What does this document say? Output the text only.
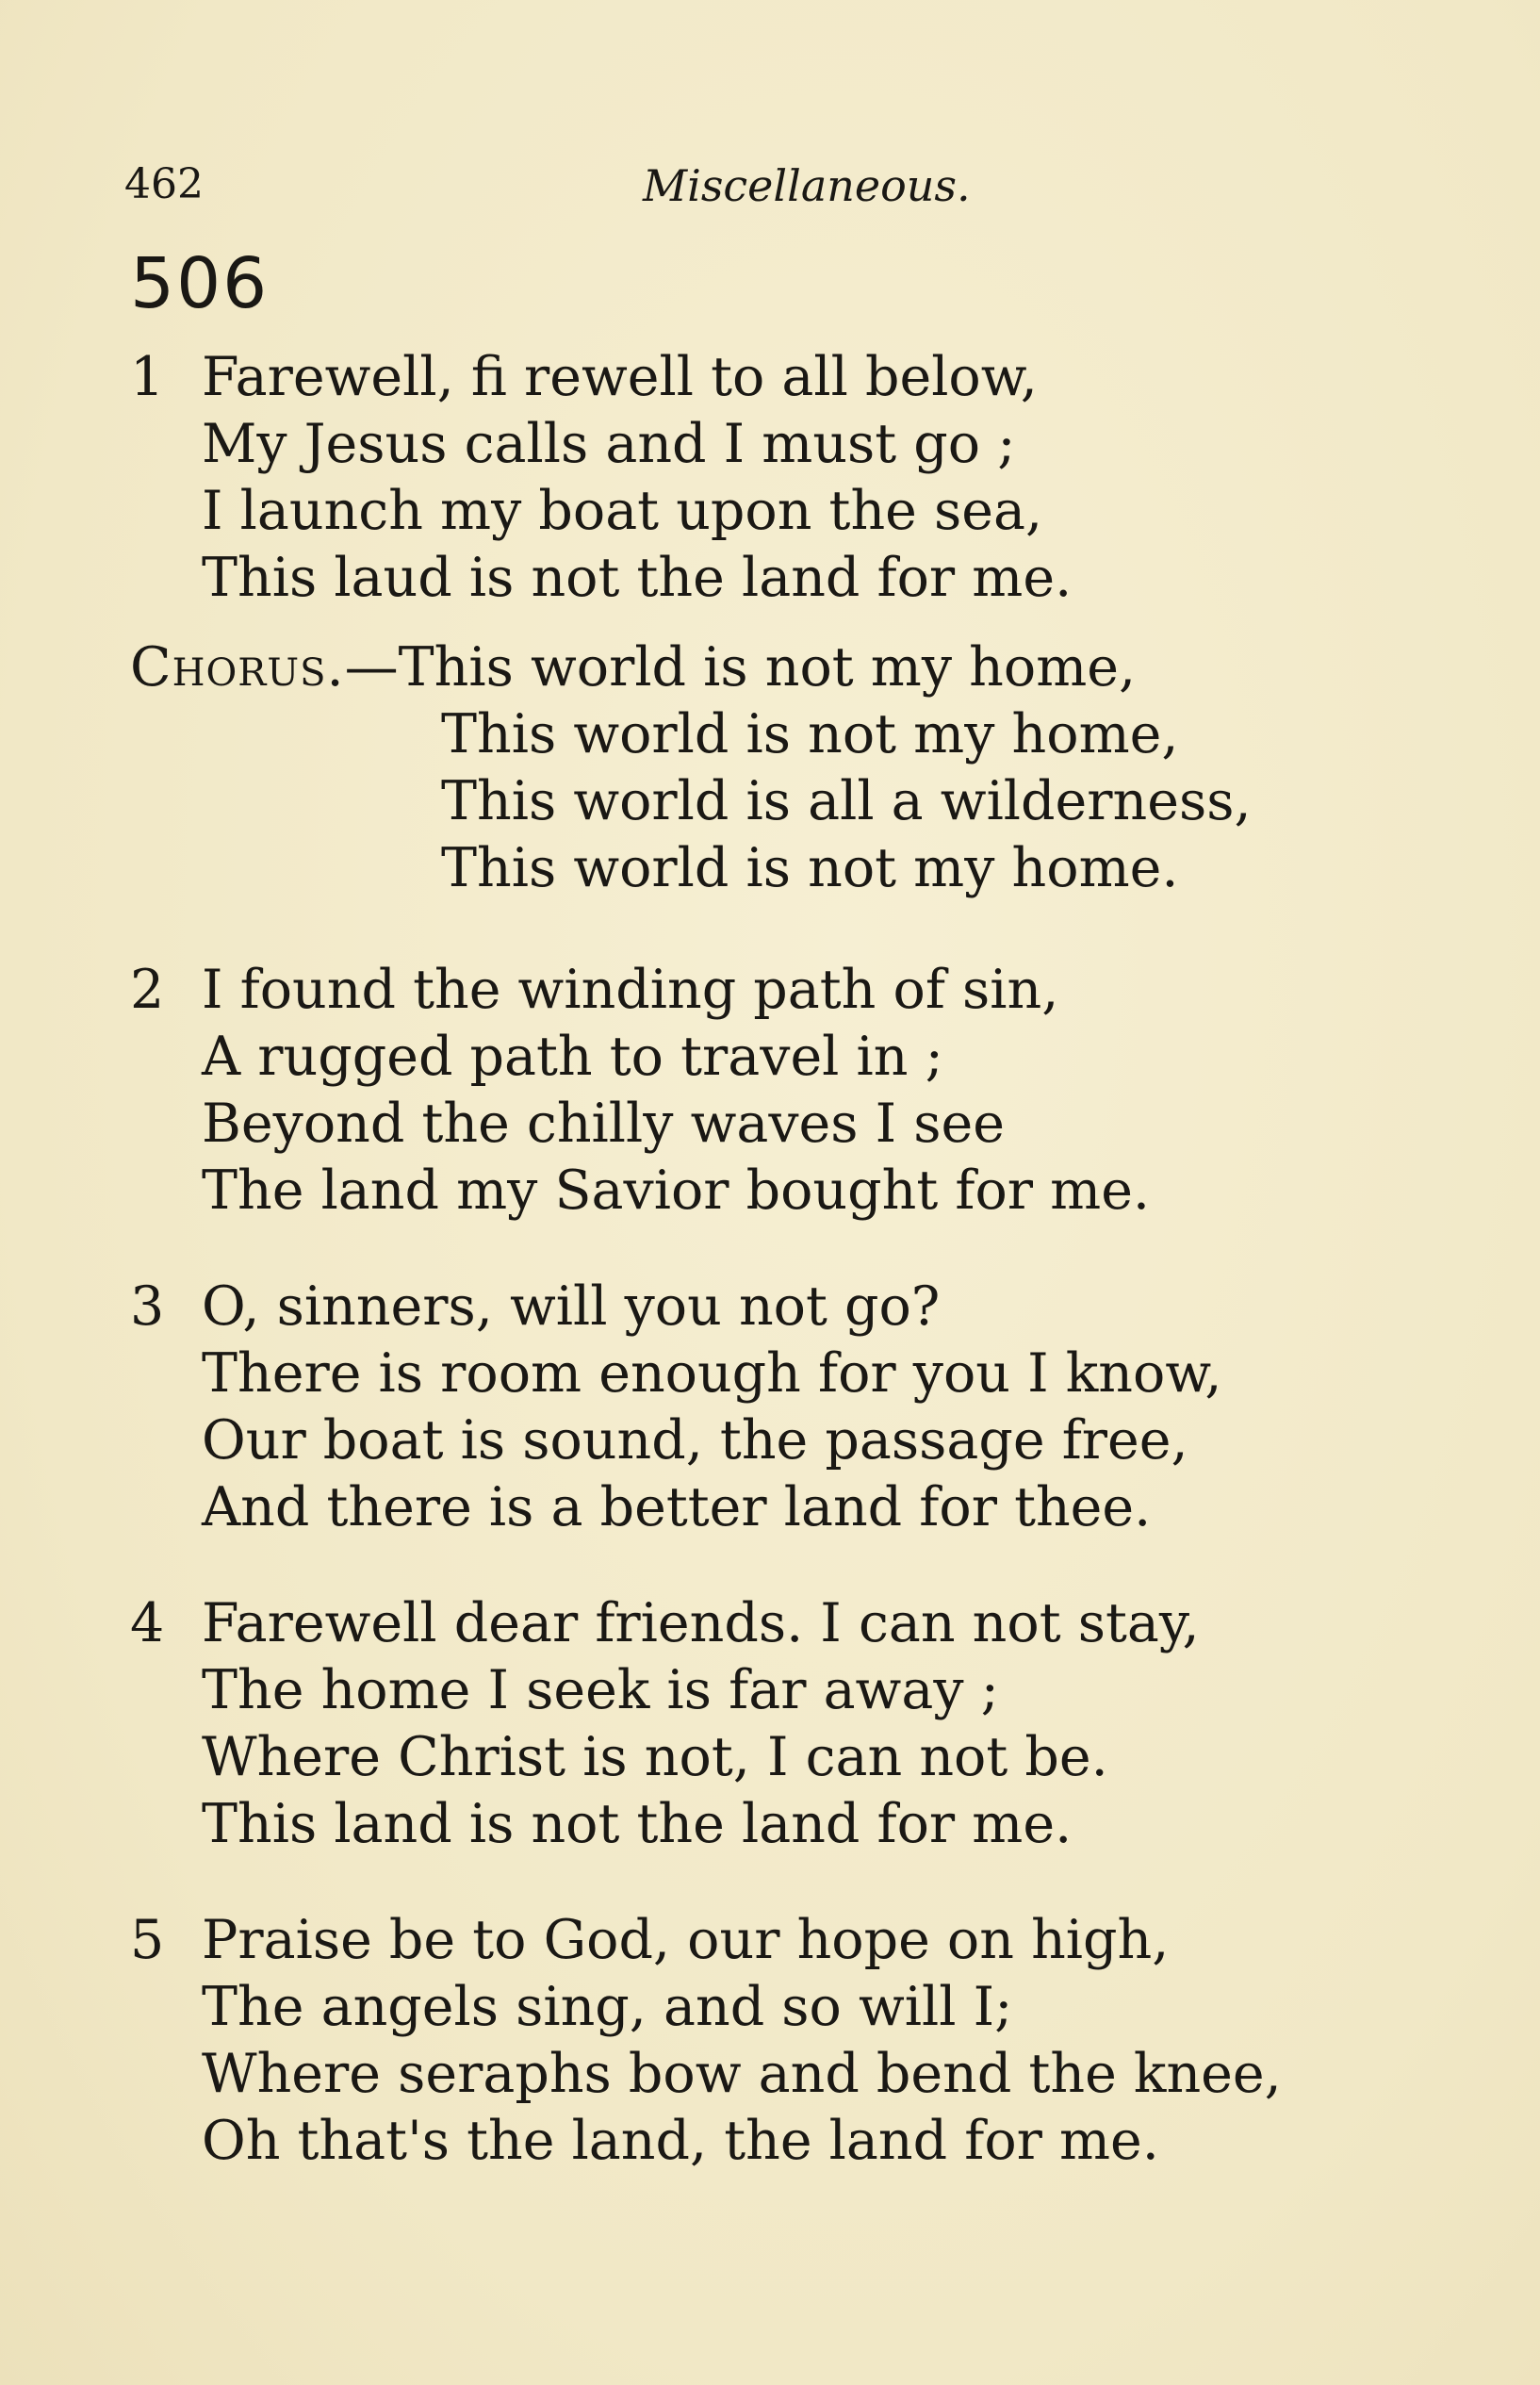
462	Miscellaneous.
506
1 Farewell, fi rewell to all below,
My Jesus calls and I must go ;
I launch my boat upon the sea,
This laud is not the land for me.
Chorus.—This world is not my home,
This world is not my home,
This world is all a wilderness,
This world is not my home.
2 I found the winding path of sin,
A rugged path to travel in ;
Beyond the chilly waves I see
The land my Savior bought for me.
3 O, sinners, will you not go?
There is room enough for you I know,
Our boat is sound, the passage free,
And there is a better land for thee.
4 Farewell dear friends. I can not stay,
The home I seek is far away ;
Where Christ is not, I can not be.
This land is not the land for me.
5 Praise be to God, our hope on high,
The angels sing, and so will I;
Where seraphs bow and bend the knee,
Oh that's the land, the land for me.
